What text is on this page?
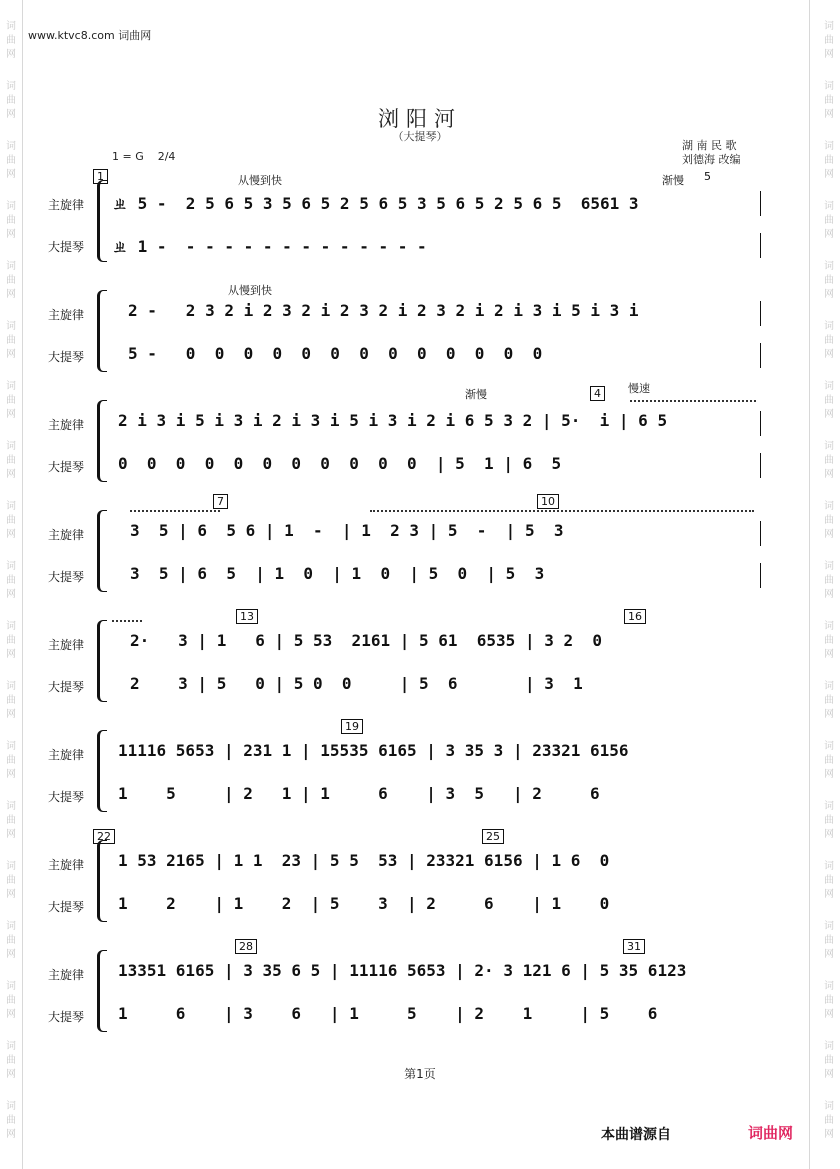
词
曲
网
词
曲
网
词
曲
网
词
曲
网
词
曲
网
词
曲
网
词
曲
网
词
曲
网
词
曲
网
词
曲
网
词
曲
网
词
曲
网
词
曲
网
词
曲
网
词
曲
网
词
曲
网
词
曲
网
词
曲
网
词
曲
网
词
曲
网
词
曲
网
词
曲
网
词
曲
网
词
曲
网
词
曲
网
词
曲
网
词
曲
网
词
曲
网
词
曲
网
词
曲
网
词
曲
网
词
曲
网
词
曲
网
词
曲
网
词
曲
网
词
曲
网
词
曲
网
词
曲
网
www.ktvc8.com 词曲网
浏阳河
（大提琴）
湖 南 民 歌
刘德海 改编
1 = G    2/4
1	从慢到快	渐慢 5
主旋律
大提琴
ㄓ 5 -  2 5 6 5 3 5 6 5 2 5 6 5 3 5 6 5 2 5 6 5  6561 3
ㄓ 1 -  - - - - - - - - - - - - -
从慢到快
主旋律
大提琴
2 -   2 3 2 i 2 3 2 i 2 3 2 i 2 3 2 i 2 i 3 i 5 i 3 i
5 -   0  0  0  0  0  0  0  0  0  0  0  0  0
渐慢	4	慢速
主旋律
大提琴
2 i 3 i 5 i 3 i 2 i 3 i 5 i 3 i 2 i 6 5 3 2 | 5·  i | 6 5
0  0  0  0  0  0  0  0  0  0  0  | 5  1 | 6  5
7	10
主旋律
大提琴
3  5 | 6  5 6 | 1  -  | 1  2 3 | 5  -  | 5  3
3  5 | 6  5  | 1  0  | 1  0  | 5  0  | 5  3
13	16
主旋律
大提琴
2·   3 | 1   6 | 5 53  2161 | 5 61  6535 | 3 2  0
2    3 | 5   0 | 5 0  0     | 5  6       | 3  1
19
主旋律
大提琴
11116 5653 | 231 1 | 15535 6165 | 3 35 3 | 23321 6156
1    5     | 2   1 | 1     6    | 3  5   | 2     6
22	25
主旋律
大提琴
1 53 2165 | 1 1  23 | 5 5  53 | 23321 6156 | 1 6  0
1    2    | 1    2  | 5    3  | 2     6    | 1    0
28	31
主旋律
大提琴
13351 6165 | 3 35 6 5 | 11116 5653 | 2· 3 121 6 | 5 35 6123
1     6    | 3    6   | 1     5    | 2    1     | 5    6
第1页
本曲谱源自	词曲网
